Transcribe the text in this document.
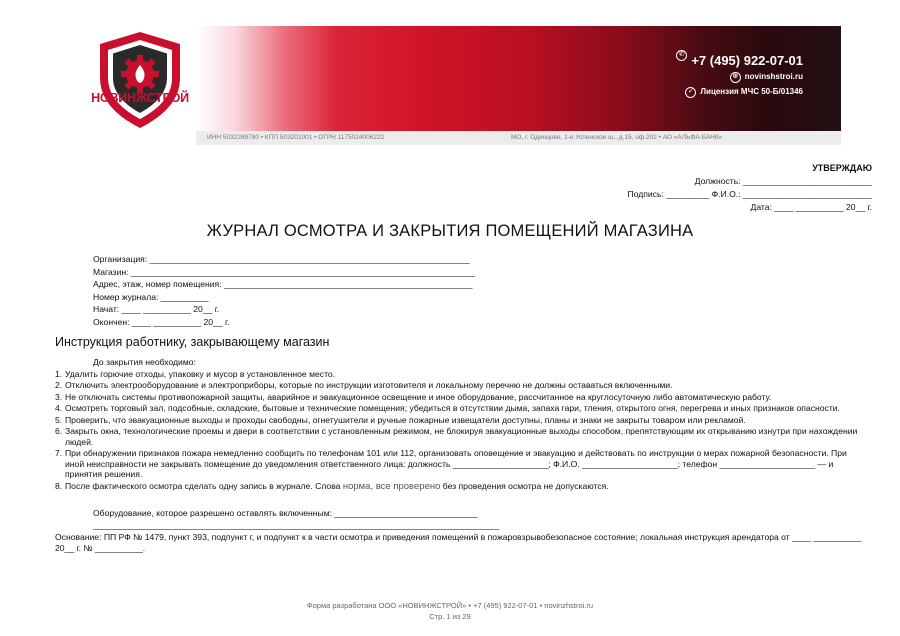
НОВИНЖСТРОЙ
✆ +7 (495) 922-07-01
⊕ novinshstroi.ru
✓ Лицензия МЧС 50-Б/01346
ИНН 5032269780 • КПП 503201001 • ОГРН 1175024006222	МО, г. Одинцово, 1-е Успенское ш., д.15, оф.202 • АО «АЛЬФА-БАНК»
УТВЕРЖДАЮ
Должность: ___________________________
Подпись: _________ Ф.И.О.: ___________________________
Дата: ____ __________ 20__ г.
ЖУРНАЛ ОСМОТРА И ЗАКРЫТИЯ ПОМЕЩЕНИЙ МАГАЗИНА
Организация: ___________________________________________________________________
Магазин: ________________________________________________________________________
Адрес, этаж, номер помещения: ____________________________________________________
Номер журнала: __________
Начат: ____ __________ 20__ г.
Окончен: ____ __________ 20__ г.
Инструкция работнику, закрывающему магазин
До закрытия необходимо:
1. Удалить горючие отходы, упаковку и мусор в установленное место.
2. Отключить электрооборудование и электроприборы, которые по инструкции изготовителя и локальному перечню не должны оставаться включенными.
3. Не отключать системы противопожарной защиты, аварийное и эвакуационное освещение и иное оборудование, рассчитанное на круглосуточную либо автоматическую работу.
4. Осмотреть торговый зал, подсобные, складские, бытовые и технические помещения; убедиться в отсутствии дыма, запаха гари, тления, открытого огня, перегрева и иных признаков опасности.
5. Проверить, что эвакуационные выходы и проходы свободны, огнетушители и ручные пожарные извещатели доступны, планы и знаки не закрыты товаром или рекламой.
6. Закрыть окна, технологические проемы и двери в соответствии с установленным режимом, не блокируя эвакуационные выходы способом, препятствующим их открыванию изнутри при нахождении людей.
7. При обнаружении признаков пожара немедленно сообщить по телефонам 101 или 112, организовать оповещение и эвакуацию и действовать по инструкции о мерах пожарной безопасности. При иной неисправности не закрывать помещение до уведомления ответственного лица: должность ____________________; Ф.И.О. ____________________; телефон ____________________ — и принятия решения.
8. После фактического осмотра сделать одну запись в журнале. Слова норма, все проверено без проведения осмотра не допускаются.
Оборудование, которое разрешено оставлять включенным: ______________________________
_____________________________________________________________________________________
Основание: ПП РФ № 1479, пункт 393, подпункт г, и подпункт к в части осмотра и приведения помещений в пожаровзрывобезопасное состояние; локальная инструкция арендатора от ____ __________ 20__ г. № __________.
Форма разработана ООО «НОВИНЖСТРОЙ» • +7 (495) 922-07-01 • novinzhstroi.ru
Стр. 1 из 29
